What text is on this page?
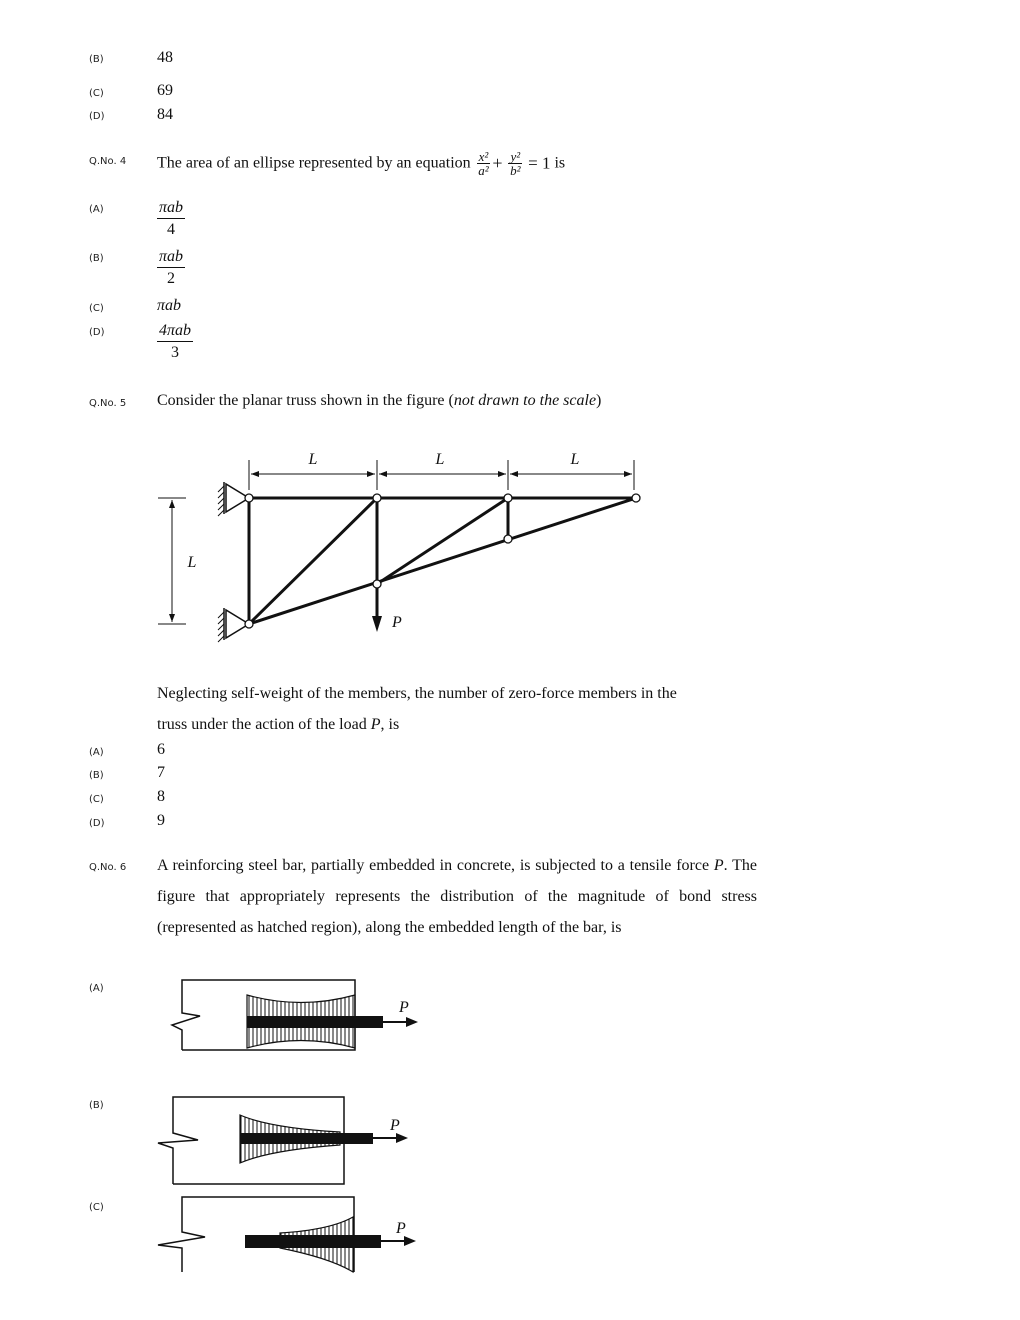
(B)	48
(C)	69
(D)	84
Q.No. 4 The area of an ellipse represented by an equation $\frac{\text{x²}}{\text{a²}} + \frac{\text{y²}}{\text{b²}} = 1$ is
(A)	πab
4
(B)	πab
2
(C)	πab
(D)	4πab
3
Q.No. 5 Consider the planar truss shown in the figure (not drawn to the scale)
L	L	L
L
P
P
P
P
Neglecting self-weight of the members, the number of zero-force members in the
truss under the action of the load P, is
(A)	6
(B)	7
(C)	8
(D)	9
Q.No. 6 A reinforcing steel bar, partially embedded in concrete, is subjected to a tensile force P. The figure that appropriately represents the distribution of the magnitude of bond stress (represented as hatched region), along the embedded length of the bar, is
(A)
(B)
(C)
